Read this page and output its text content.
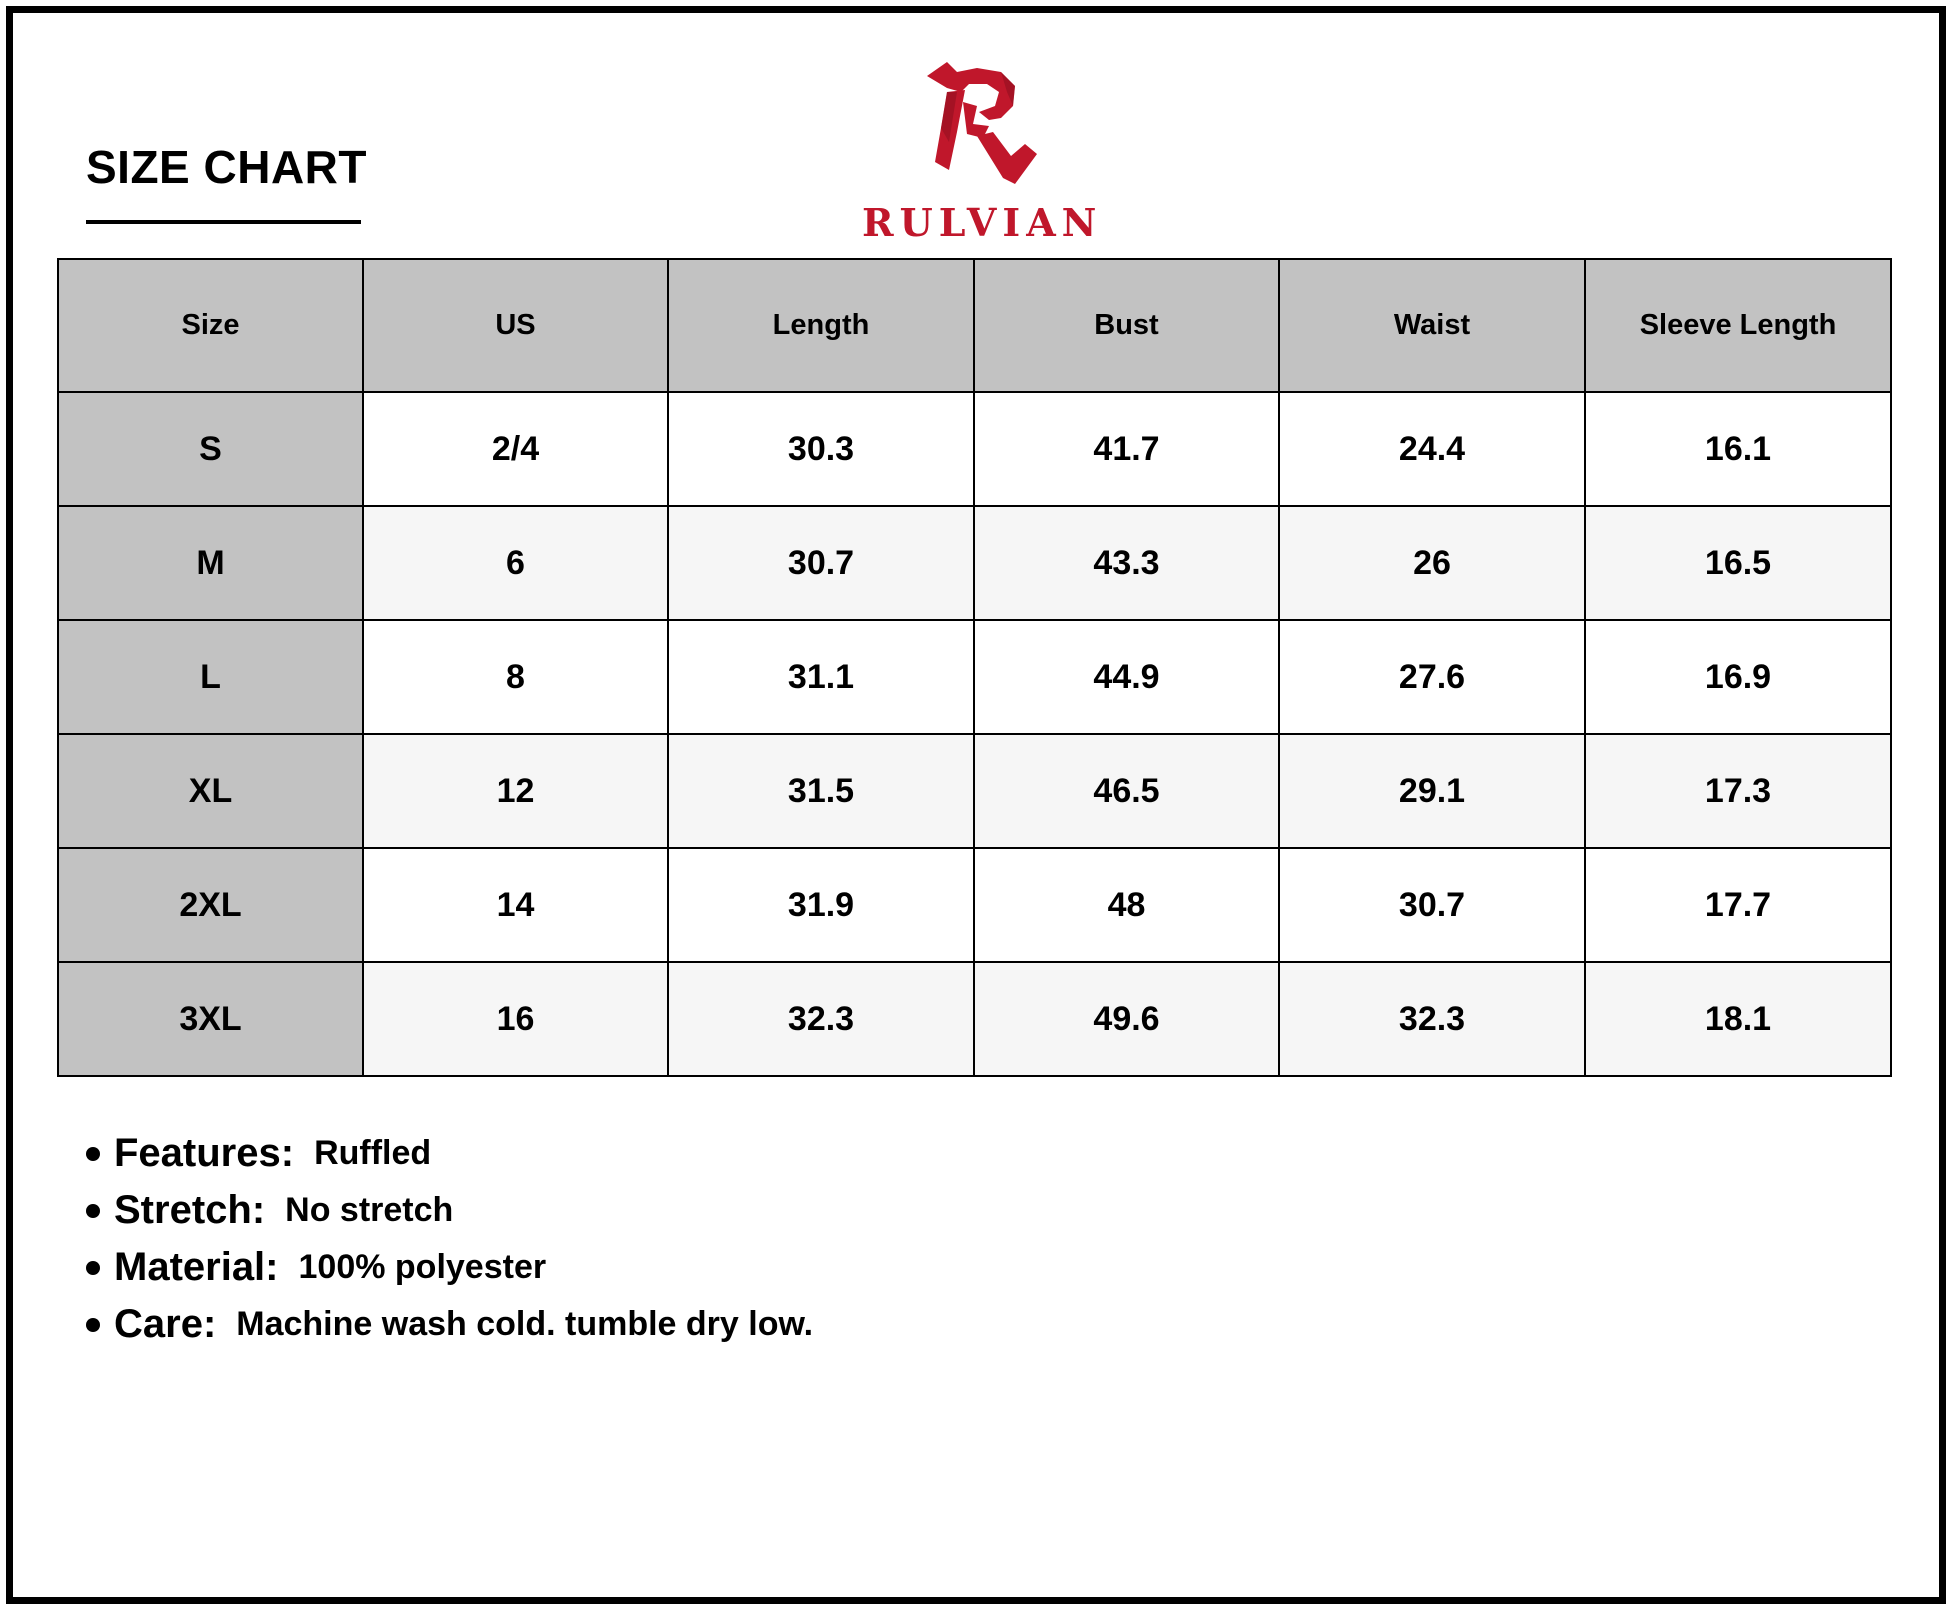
SIZE CHART
RULVIAN
Size	US	Length	Bust	Waist	Sleeve Length
S	2/4	30.3	41.7	24.4	16.1
M	6	30.7	43.3	26	16.5
L	8	31.1	44.9	27.6	16.9
XL	12	31.5	46.5	29.1	17.3
2XL	14	31.9	48	30.7	17.7
3XL	16	32.3	49.6	32.3	18.1
Features: Ruffled
Stretch: No stretch
Material: 100% polyester
Care: Machine wash cold. tumble dry low.
